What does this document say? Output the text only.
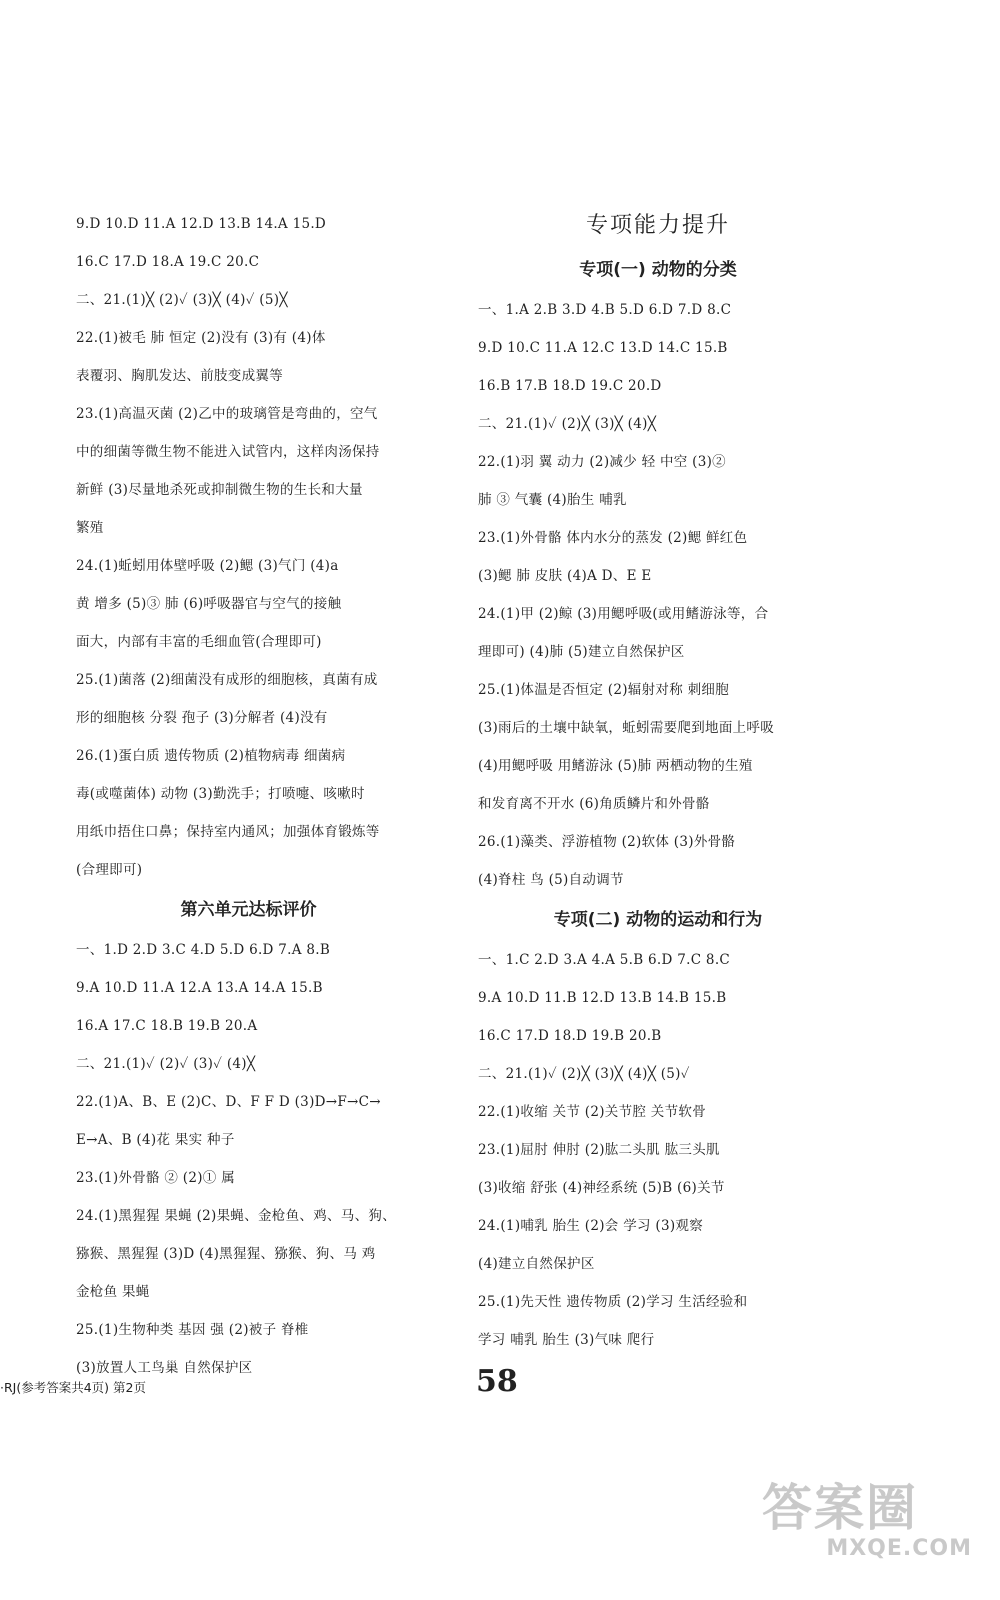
9.D 10.D 11.A 12.D 13.B 14.A 15.D
16.C 17.D 18.A 19.C 20.C
二、21.(1)╳ (2)✓ (3)╳ (4)✓ (5)╳
22.(1)被毛 肺 恒定 (2)没有 (3)有 (4)体
表覆羽、胸肌发达、前肢变成翼等
23.(1)高温灭菌 (2)乙中的玻璃管是弯曲的，空气
中的细菌等微生物不能进入试管内，这样肉汤保持
新鲜 (3)尽量地杀死或抑制微生物的生长和大量
繁殖
24.(1)蚯蚓用体壁呼吸 (2)鳃 (3)气门 (4)a
黄 增多 (5)③ 肺 (6)呼吸器官与空气的接触
面大，内部有丰富的毛细血管(合理即可)
25.(1)菌落 (2)细菌没有成形的细胞核，真菌有成
形的细胞核 分裂 孢子 (3)分解者 (4)没有
26.(1)蛋白质 遗传物质 (2)植物病毒 细菌病
毒(或噬菌体) 动物 (3)勤洗手；打喷嚏、咳嗽时
用纸巾捂住口鼻；保持室内通风；加强体育锻炼等
(合理即可)
第六单元达标评价
一、1.D 2.D 3.C 4.D 5.D 6.D 7.A 8.B
9.A 10.D 11.A 12.A 13.A 14.A 15.B
16.A 17.C 18.B 19.B 20.A
二、21.(1)✓ (2)✓ (3)✓ (4)╳
22.(1)A、B、E (2)C、D、F F D (3)D→F→C→
E→A、B (4)花 果实 种子
23.(1)外骨骼 ② (2)① 属
24.(1)黑猩猩 果蝇 (2)果蝇、金枪鱼、鸡、马、狗、
猕猴、黑猩猩 (3)D (4)黑猩猩、猕猴、狗、马 鸡
金枪鱼 果蝇
25.(1)生物种类 基因 强 (2)被子 脊椎
(3)放置人工鸟巢 自然保护区
专项能力提升
专项(一) 动物的分类
一、1.A 2.B 3.D 4.B 5.D 6.D 7.D 8.C
9.D 10.C 11.A 12.C 13.D 14.C 15.B
16.B 17.B 18.D 19.C 20.D
二、21.(1)✓ (2)╳ (3)╳ (4)╳
22.(1)羽 翼 动力 (2)减少 轻 中空 (3)②
肺 ③ 气囊 (4)胎生 哺乳
23.(1)外骨骼 体内水分的蒸发 (2)鳃 鲜红色
(3)鳃 肺 皮肤 (4)A D、E E
24.(1)甲 (2)鲸 (3)用鳃呼吸(或用鳍游泳等，合
理即可) (4)肺 (5)建立自然保护区
25.(1)体温是否恒定 (2)辐射对称 刺细胞
(3)雨后的土壤中缺氧，蚯蚓需要爬到地面上呼吸
(4)用鳃呼吸 用鳍游泳 (5)肺 两栖动物的生殖
和发育离不开水 (6)角质鳞片和外骨骼
26.(1)藻类、浮游植物 (2)软体 (3)外骨骼
(4)脊柱 鸟 (5)自动调节
专项(二) 动物的运动和行为
一、1.C 2.D 3.A 4.A 5.B 6.D 7.C 8.C
9.A 10.D 11.B 12.D 13.B 14.B 15.B
16.C 17.D 18.D 19.B 20.B
二、21.(1)✓ (2)╳ (3)╳ (4)╳ (5)✓
22.(1)收缩 关节 (2)关节腔 关节软骨
23.(1)屈肘 伸肘 (2)肱二头肌 肱三头肌
(3)收缩 舒张 (4)神经系统 (5)B (6)关节
24.(1)哺乳 胎生 (2)会 学习 (3)观察
(4)建立自然保护区
25.(1)先天性 遗传物质 (2)学习 生活经验和
学习 哺乳 胎生 (3)气味 爬行
·RJ(参考答案共4页) 第2页	58
答案圈
MXQE.COM
